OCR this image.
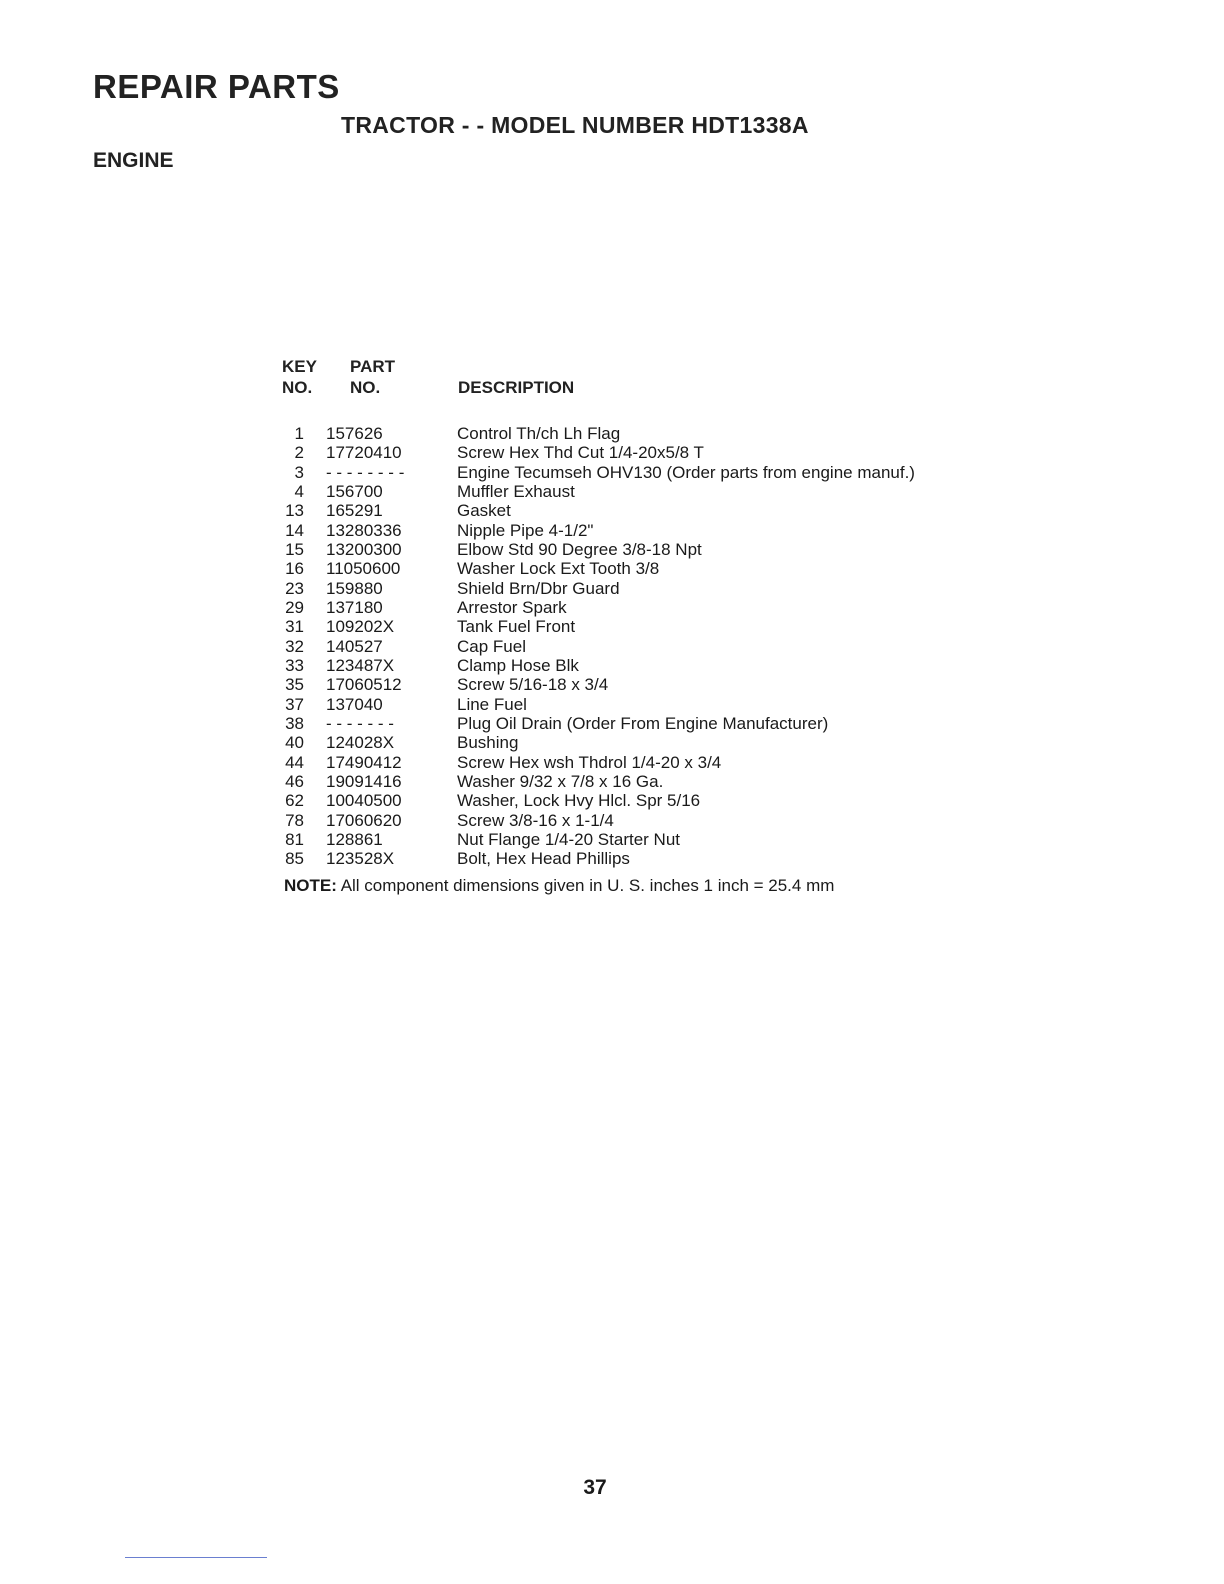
REPAIR PARTS
TRACTOR - - MODEL NUMBER HDT1338A
ENGINE
KEY
NO.
PART
NO.	DESCRIPTION
1 157626	Control Th/ch Lh Flag
2 17720410	Screw Hex Thd Cut 1/4-20x5/8 T
3 - - - - - - - -	Engine Tecumseh OHV130 (Order parts from engine manuf.)
4 156700	Muffler Exhaust
13 165291	Gasket
14 13280336	Nipple Pipe 4-1/2"
15 13200300	Elbow Std 90 Degree 3/8-18 Npt
16 11050600	Washer Lock Ext Tooth 3/8
23 159880	Shield Brn/Dbr Guard
29 137180	Arrestor Spark
31 109202X	Tank Fuel Front
32 140527	Cap Fuel
33 123487X	Clamp Hose Blk
35 17060512	Screw 5/16-18 x 3/4
37 137040	Line Fuel
38 - - - - - - -	Plug Oil Drain (Order From Engine Manufacturer)
40 124028X	Bushing
44 17490412	Screw Hex wsh Thdrol 1/4-20 x 3/4
46 19091416	Washer 9/32 x 7/8 x 16 Ga.
62 10040500	Washer, Lock Hvy Hlcl. Spr 5/16
78 17060620	Screw 3/8-16 x 1-1/4
81 128861	Nut Flange 1/4-20 Starter Nut
85 123528X	Bolt, Hex Head Phillips
NOTE: All component dimensions given in U. S. inches 1 inch = 25.4 mm
37
